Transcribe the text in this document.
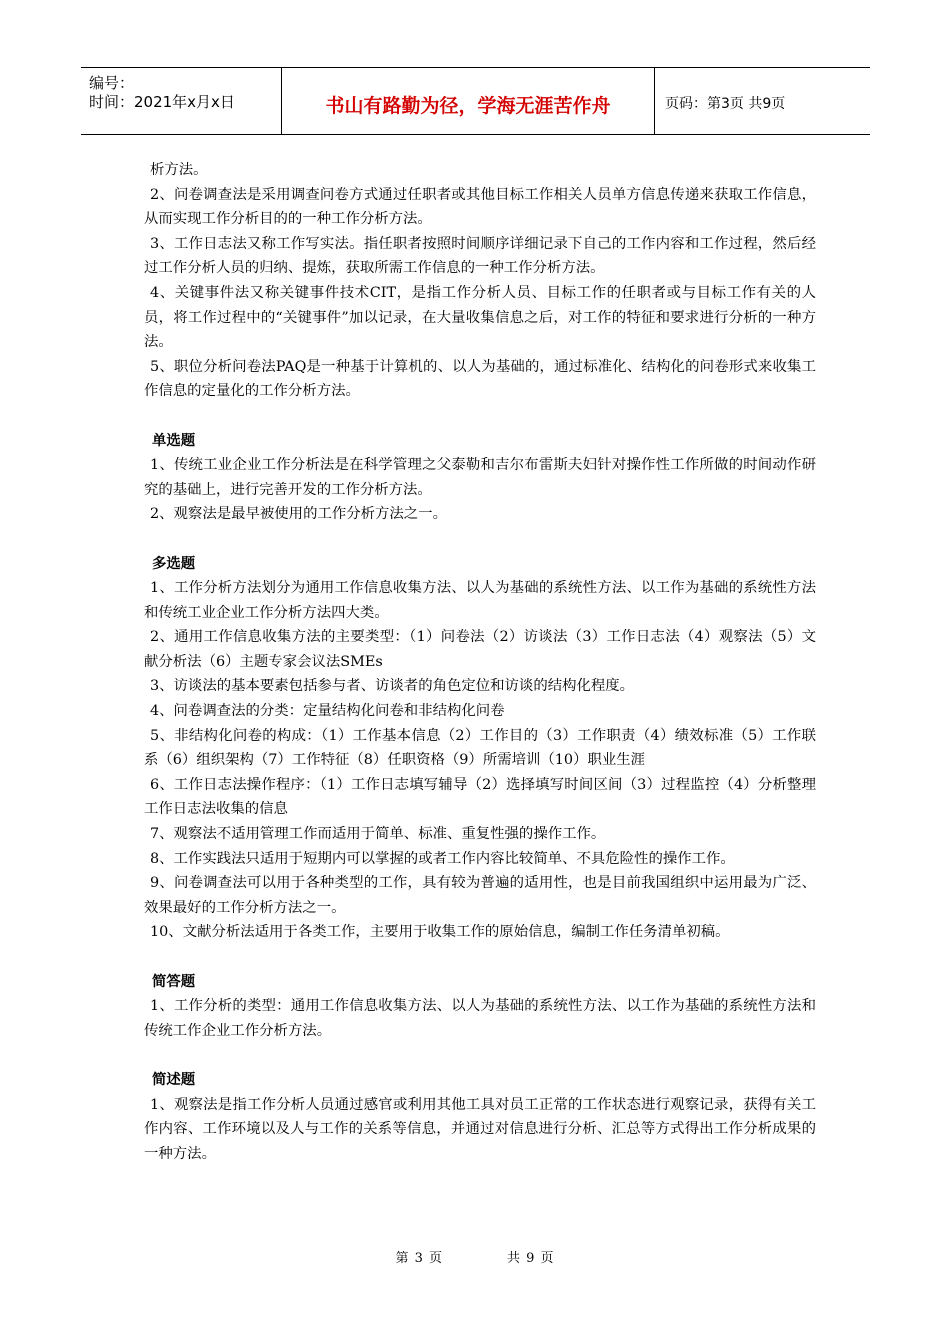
编号：
时间：2021年x月x日	书山有路勤为径，学海无涯苦作舟	页码：第3页 共9页

析方法。

2、问卷调查法是采用调查问卷方式通过任职者或其他目标工作相关人员单方信息传递来获取工作信息，从而实现工作分析目的的一种工作分析方法。

3、工作日志法又称工作写实法。指任职者按照时间顺序详细记录下自己的工作内容和工作过程，然后经过工作分析人员的归纳、提炼，获取所需工作信息的一种工作分析方法。

4、关键事件法又称关键事件技术CIT，是指工作分析人员、目标工作的任职者或与目标工作有关的人员，将工作过程中的“关键事件”加以记录，在大量收集信息之后，对工作的特征和要求进行分析的一种方法。

5、职位分析问卷法PAQ是一种基于计算机的、以人为基础的，通过标准化、结构化的问卷形式来收集工作信息的定量化的工作分析方法。

单选题

1、传统工业企业工作分析法是在科学管理之父泰勒和吉尔布雷斯夫妇针对操作性工作所做的时间动作研究的基础上，进行完善开发的工作分析方法。

2、观察法是最早被使用的工作分析方法之一。

多选题

1、工作分析方法划分为通用工作信息收集方法、以人为基础的系统性方法、以工作为基础的系统性方法和传统工业企业工作分析方法四大类。

2、通用工作信息收集方法的主要类型：（1）问卷法（2）访谈法（3）工作日志法（4）观察法（5）文献分析法（6）主题专家会议法SMEs

3、访谈法的基本要素包括参与者、访谈者的角色定位和访谈的结构化程度。

4、问卷调查法的分类：定量结构化问卷和非结构化问卷

5、非结构化问卷的构成：（1）工作基本信息（2）工作目的（3）工作职责（4）绩效标准（5）工作联系（6）组织架构（7）工作特征（8）任职资格（9）所需培训（10）职业生涯

6、工作日志法操作程序：（1）工作日志填写辅导（2）选择填写时间区间（3）过程监控（4）分析整理工作日志法收集的信息

7、观察法不适用管理工作而适用于简单、标准、重复性强的操作工作。

8、工作实践法只适用于短期内可以掌握的或者工作内容比较简单、不具危险性的操作工作。

9、问卷调查法可以用于各种类型的工作，具有较为普遍的适用性，也是目前我国组织中运用最为广泛、效果最好的工作分析方法之一。

10、文献分析法适用于各类工作，主要用于收集工作的原始信息，编制工作任务清单初稿。

简答题

1、工作分析的类型：通用工作信息收集方法、以人为基础的系统性方法、以工作为基础的系统性方法和传统工作企业工作分析方法。

简述题

1、观察法是指工作分析人员通过感官或利用其他工具对员工正常的工作状态进行观察记录，获得有关工作内容、工作环境以及人与工作的关系等信息，并通过对信息进行分析、汇总等方式得出工作分析成果的一种方法。

第 3 页	共 9 页
